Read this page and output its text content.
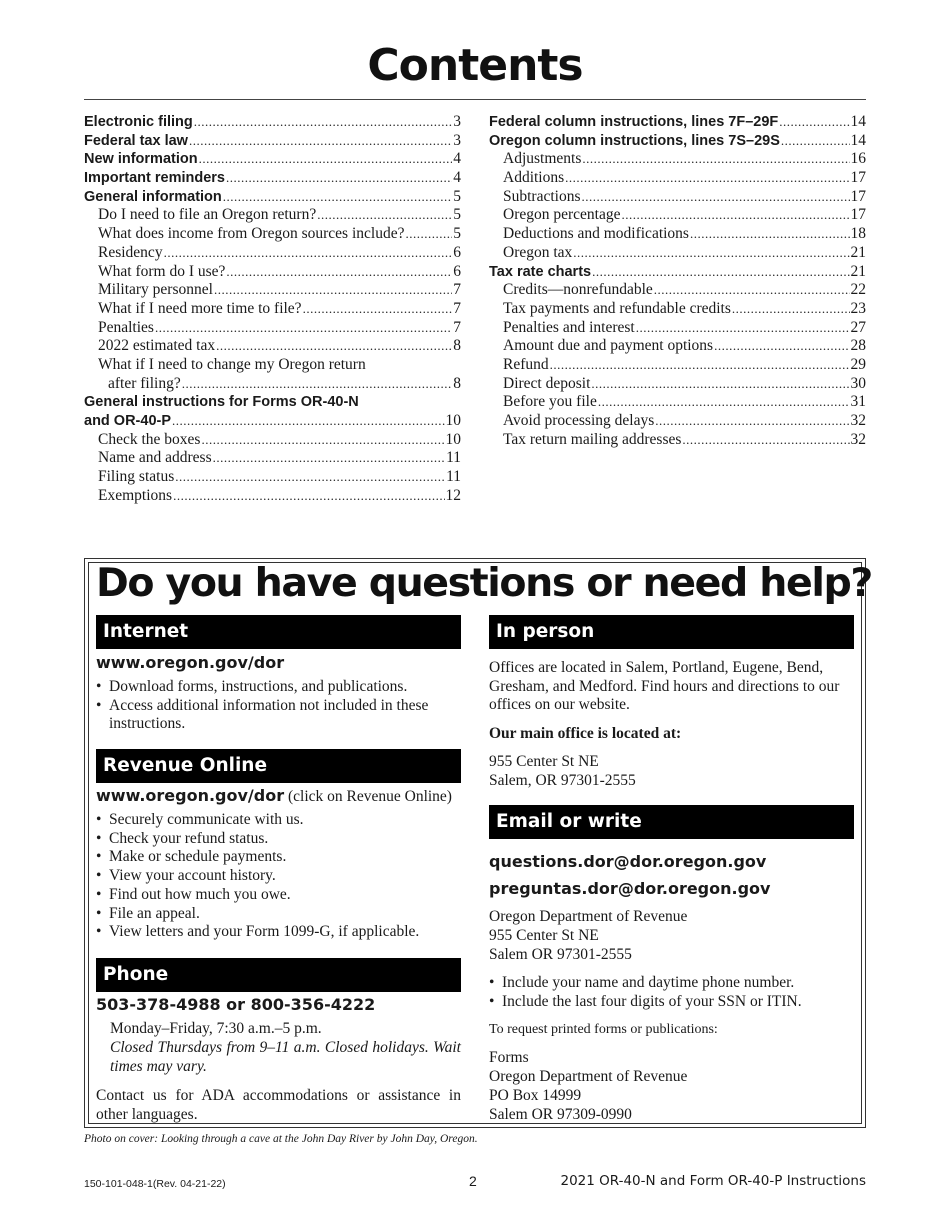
Contents
Electronic filing .....	3
Federal tax law .....	3
New information .....	4
Important reminders .....	4
General information .....	5
Do I need to file an Oregon return? .....	5
What does income from Oregon sources include? .....	5
Residency .....	6
What form do I use? .....	6
Military personnel .....	7
What if I need more time to file? .....	7
Penalties .....	7
2022 estimated tax .....	8
What if I need to change my Oregon return
after filing? .....	8
General instructions for Forms OR-40-N
and OR-40-P .....	10
Check the boxes .....	10
Name and address .....	11
Filing status .....	11
Exemptions .....	12
Federal column instructions, lines 7F–29F .....	14
Oregon column instructions, lines 7S–29S .....	14
Adjustments .....	16
Additions .....	17
Subtractions .....	17
Oregon percentage .....	17
Deductions and modifications .....	18
Oregon tax .....	21
Tax rate charts .....	21
Credits—nonrefundable .....	22
Tax payments and refundable credits .....	23
Penalties and interest .....	27
Amount due and payment options .....	28
Refund .....	29
Direct deposit .....	30
Before you file .....	31
Avoid processing delays .....	32
Tax return mailing addresses .....	32
Do you have questions or need help?
Internet
www.oregon.gov/dor
• Download forms, instructions, and publications.
• Access additional information not included in these instructions.
Revenue Online
www.oregon.gov/dor (click on Revenue Online)
• Securely communicate with us.
• Check your refund status.
• Make or schedule payments.
• View your account history.
• Find out how much you owe.
• File an appeal.
• View letters and your Form 1099-G, if applicable.
Phone
503-378-4988 or 800-356-4222
Monday–Friday, 7:30 a.m.–5 p.m.
Closed Thursdays from 9–11 a.m. Closed holidays. Wait times may vary.
Contact us for ADA accommodations or assistance in other languages.
In person
Offices are located in Salem, Portland, Eugene, Bend, Gresham, and Medford. Find hours and directions to our offices on our website.
Our main office is located at:
955 Center St NE
Salem, OR 97301-2555
Email or write
questions.dor@dor.oregon.gov
preguntas.dor@dor.oregon.gov
Oregon Department of Revenue
955 Center St NE
Salem OR 97301-2555
• Include your name and daytime phone number.
• Include the last four digits of your SSN or ITIN.
To request printed forms or publications:
Forms
Oregon Department of Revenue
PO Box 14999
Salem OR 97309-0990
Photo on cover: Looking through a cave at the John Day River by John Day, Oregon.
150-101-048-1(Rev. 04-21-22)	2	2021 OR-40-N and Form OR-40-P Instructions
